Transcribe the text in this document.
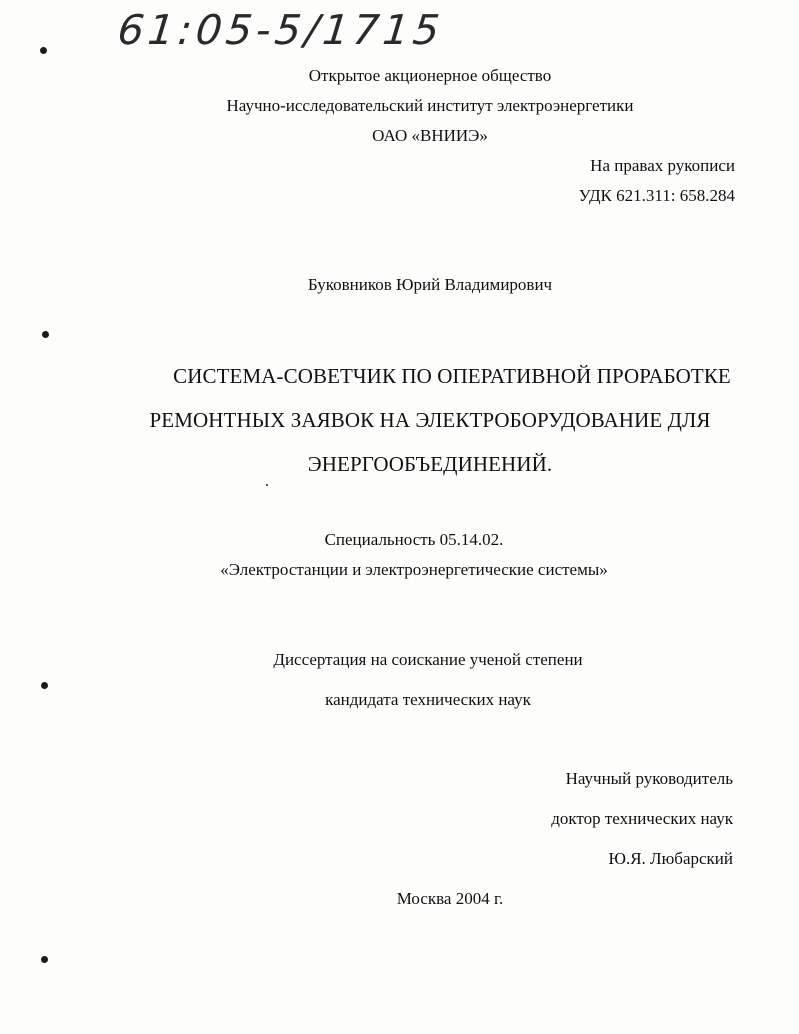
61:05-5/1715
Открытое акционерное общество
Научно-исследовательский институт электроэнергетики
ОАО «ВНИИЭ»
На правах рукописи
УДК 621.311: 658.284
Буковников Юрий Владимирович
СИСТЕМА-СОВЕТЧИК ПО ОПЕРАТИВНОЙ ПРОРАБОТКЕ
РЕМОНТНЫХ ЗАЯВОК НА ЭЛЕКТРОБОРУДОВАНИЕ ДЛЯ
ЭНЕРГООБЪЕДИНЕНИЙ.
Специальность 05.14.02.
«Электростанции и электроэнергетические системы»
Диссертация на соискание ученой степени
кандидата технических наук
Научный руководитель
доктор технических наук
Ю.Я. Любарский
Москва 2004 г.
